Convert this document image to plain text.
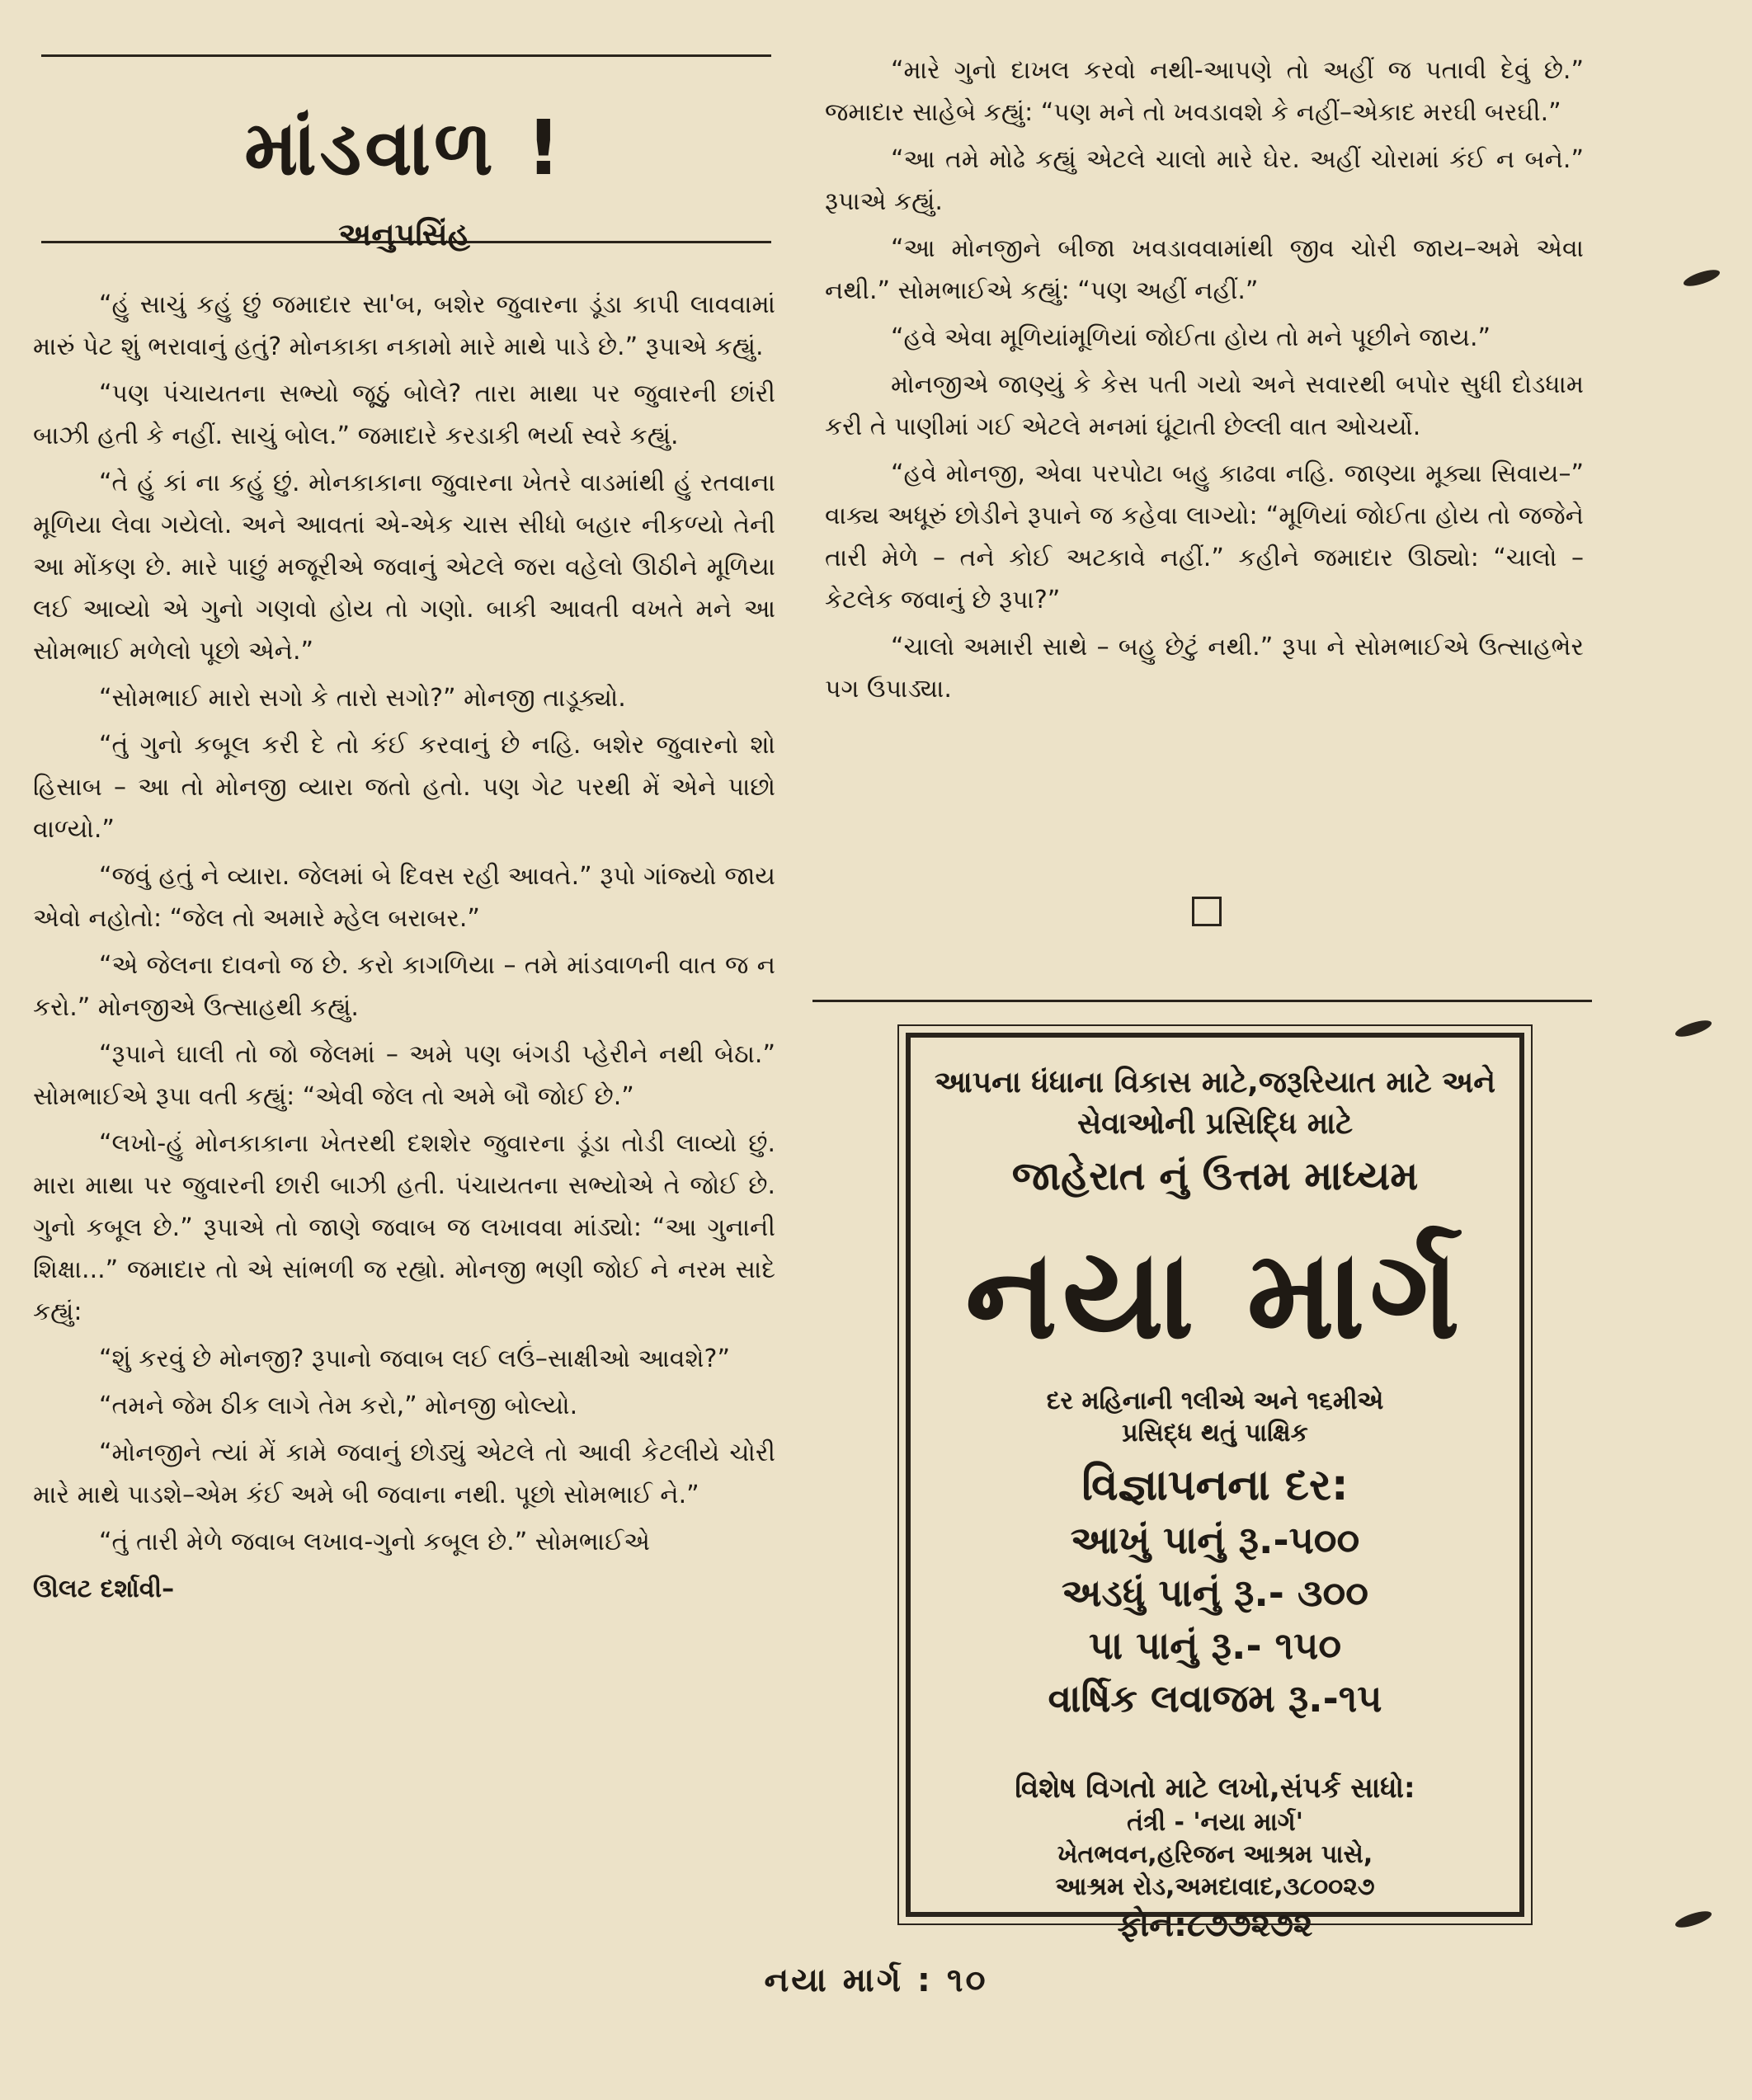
માંડવાળ !
અનુપસિંહ

“હું સાચું કહું છું જમાદાર સા'બ, બશેર જુવારના ડૂંડા કાપી લાવવામાં મારું પેટ શું ભરાવાનું હતું? મોનકાકા નકામો મારે માથે પાડે છે.” રૂપાએ કહ્યું.

“પણ પંચાયતના સભ્યો જૂઠું બોલે? તારા માથા પર જુવારની છાંરી બાઝી હતી કે નહીં. સાચું બોલ.” જમાદારે કરડાકી ભર્યા સ્વરે કહ્યું.

“તે હું કાં ના કહું છું. મોનકાકાના જુવારના ખેતરે વાડમાંથી હું રતવાના મૂળિયા લેવા ગયેલો. અને આવતાં એ-એક ચાસ સીધો બહાર નીકળ્યો તેની આ મોંકણ છે. મારે પાછું મજૂરીએ જવાનું એટલે જરા વહેલો ઊઠીને મૂળિયા લઈ આવ્યો એ ગુનો ગણવો હોય તો ગણો. બાકી આવતી વખતે મને આ સોમભાઈ મળેલો પૂછો એને.”

“સોમભાઈ મારો સગો કે તારો સગો?” મોનજી તાડૂક્યો.

“તું ગુનો કબૂલ કરી દે તો કંઈ કરવાનું છે નહિ. બશેર જુવારનો શો હિસાબ – આ તો મોનજી વ્યારા જતો હતો. પણ ગેટ પરથી મેં એને પાછો વાળ્યો.”

“જવું હતું ને વ્યારા. જેલમાં બે દિવસ રહી આવતે.” રૂપો ગાંજ્યો જાય એવો નહોતો: “જેલ તો અમારે મ્હેલ બરાબર.”

“એ જેલના દાવનો જ છે. કરો કાગળિયા – તમે માંડવાળની વાત જ ન કરો.” મોનજીએ ઉત્સાહથી કહ્યું.

“રૂપાને ઘાલી તો જો જેલમાં – અમે પણ બંગડી પ્હેરીને નથી બેઠા.” સોમભાઈએ રૂપા વતી કહ્યું: “એવી જેલ તો અમે બૌ જોઈ છે.”

“લખો-હું મોનકાકાના ખેતરથી દશશેર જુવારના ડૂંડા તોડી લાવ્યો છું. મારા માથા પર જુવારની છારી બાઝી હતી. પંચાયતના સભ્યોએ તે જોઈ છે. ગુનો કબૂલ છે.” રૂપાએ તો જાણે જવાબ જ લખાવવા માંડ્યો: “આ ગુનાની શિક્ષા...” જમાદાર તો એ સાંભળી જ રહ્યો. મોનજી ભણી જોઈ ને નરમ સાદે કહ્યું:

“શું કરવું છે મોનજી? રૂપાનો જવાબ લઈ લઉં–સાક્ષીઓ આવશે?”

“તમને જેમ ઠીક લાગે તેમ કરો,” મોનજી બોલ્યો.

“મોનજીને ત્યાં મેં કામે જવાનું છોડ્યું એટલે તો આવી કેટલીયે ચોરી મારે માથે પાડશે–એમ કંઈ અમે બી જવાના નથી. પૂછો સોમભાઈ ને.”

“તું તારી મેળે જવાબ લખાવ-ગુનો કબૂલ છે.” સોમભાઈએ

ઊલટ દર્શાવી–

“મારે ગુનો દાખલ કરવો નથી-આપણે તો અહીં જ પતાવી દેવું છે.” જમાદાર સાહેબે કહ્યું: “પણ મને તો ખવડાવશે કે નહીં–એકાદ મરઘી બરઘી.”

“આ તમે મોઢે કહ્યું એટલે ચાલો મારે ઘેર. અહીં ચોરામાં કંઈ ન બને.” રૂપાએ કહ્યું.

“આ મોનજીને બીજા ખવડાવવામાંથી જીવ ચોરી જાય–અમે એવા નથી.” સોમભાઈએ કહ્યું: “પણ અહીં નહીં.”

“હવે એવા મૂળિયાંમૂળિયાં જોઈતા હોય તો મને પૂછીને જાય.”

મોનજીએ જાણ્યું કે કેસ પતી ગયો અને સવારથી બપોર સુધી દોડધામ કરી તે પાણીમાં ગઈ એટલે મનમાં ઘૂંટાતી છેલ્લી વાત ઓચર્યો.

“હવે મોનજી, એવા પરપોટા બહુ કાઢવા નહિ. જાણ્યા મૂક્યા સિવાય–” વાક્ય અધૂરું છોડીને રૂપાને જ કહેવા લાગ્યો: “મૂળિયાં જોઈતા હોય તો જજેને તારી મેળે – તને કોઈ અટકાવે નહીં.” કહીને જમાદાર ઊઠ્યો: “ચાલો – કેટલેક જવાનું છે રૂપા?”

“ચાલો અમારી સાથે – બહુ છેટું નથી.” રૂપા ને સોમભાઈએ ઉત્સાહભેર પગ ઉપાડ્યા.

આપના ધંધાના વિકાસ માટે,જરૂરિયાત માટે અને
સેવાઓની પ્રસિદ્ધિ માટે
જાહેરાત નું ઉત્તમ માધ્યમ
નયા માર્ગ
દર મહિનાની ૧લીએ અને ૧૬મીએ
પ્રસિદ્ધ થતું પાક્ષિક
વિજ્ઞાપનના દર:
આખું પાનું રૂ.-૫૦૦
અડધું પાનું રૂ.- ૩૦૦
પા પાનું રૂ.- ૧૫૦
વાર્ષિક લવાજમ રૂ.-૧૫
વિશેષ વિગતો માટે લખો,સંપર્ક સાધો:
તંત્રી - 'નયા માર્ગ'
ખેતભવન,હરિજન આશ્રમ પાસે,
આશ્રમ રોડ,અમદાવાદ,૩૮૦૦૨૭
ફોન:૮૭૭૨૭૨
નયા માર્ગ : ૧૦
